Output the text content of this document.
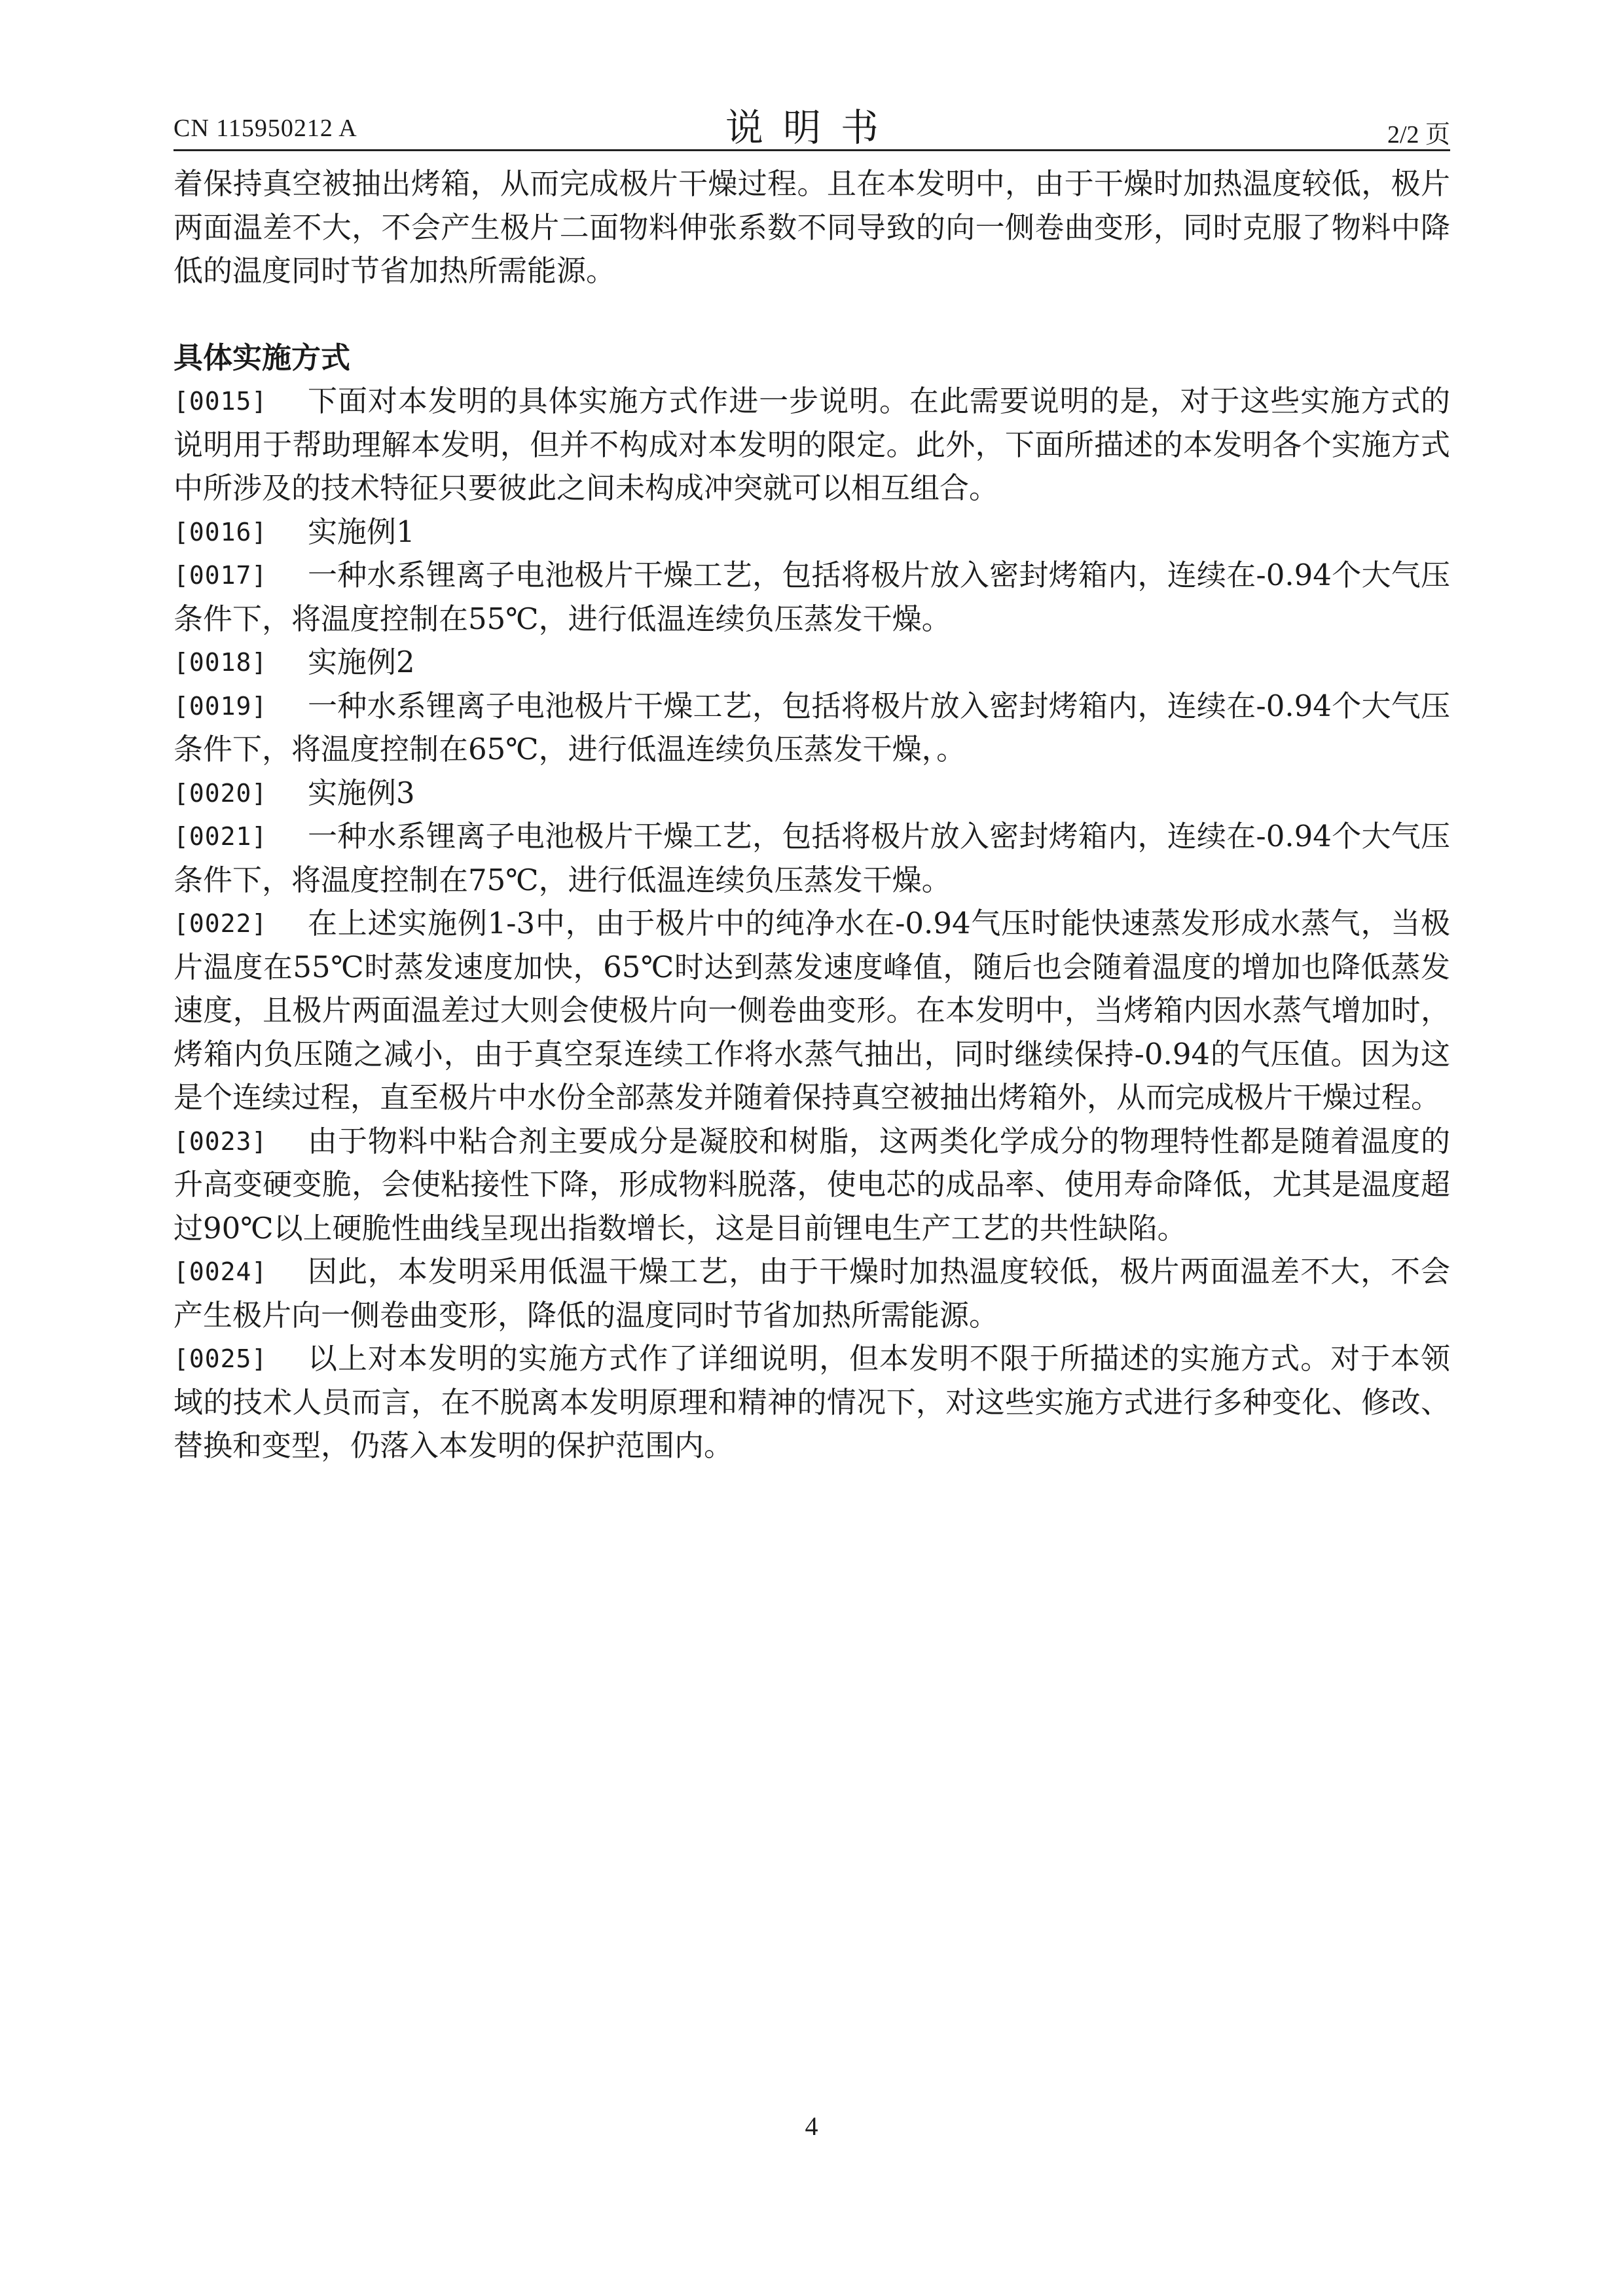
CN 115950212 A	说明书	2/2 页

着保持真空被抽出烤箱，从而完成极片干燥过程。且在本发明中，由于干燥时加热温度较低，极片两面温差不大，不会产生极片二面物料伸张系数不同导致的向一侧卷曲变形，同时克服了物料中降低的温度同时节省加热所需能源。

具体实施方式
[0015]	下面对本发明的具体实施方式作进一步说明。在此需要说明的是，对于这些实施方式的说明用于帮助理解本发明，但并不构成对本发明的限定。此外，下面所描述的本发明各个实施方式中所涉及的技术特征只要彼此之间未构成冲突就可以相互组合。

[0016]	实施例1

[0017]	一种水系锂离子电池极片干燥工艺，包括将极片放入密封烤箱内，连续在-0.94个大气压条件下，将温度控制在55℃，进行低温连续负压蒸发干燥。

[0018]	实施例2

[0019]	一种水系锂离子电池极片干燥工艺，包括将极片放入密封烤箱内，连续在-0.94个大气压条件下，将温度控制在65℃，进行低温连续负压蒸发干燥，。

[0020]	实施例3

[0021]	一种水系锂离子电池极片干燥工艺，包括将极片放入密封烤箱内，连续在-0.94个大气压条件下，将温度控制在75℃，进行低温连续负压蒸发干燥。

[0022]	在上述实施例1-3中，由于极片中的纯净水在-0.94气压时能快速蒸发形成水蒸气，当极片温度在55℃时蒸发速度加快，65℃时达到蒸发速度峰值，随后也会随着温度的增加也降低蒸发速度，且极片两面温差过大则会使极片向一侧卷曲变形。在本发明中，当烤箱内因水蒸气增加时，烤箱内负压随之减小，由于真空泵连续工作将水蒸气抽出，同时继续保持-0.94的气压值。因为这是个连续过程，直至极片中水份全部蒸发并随着保持真空被抽出烤箱外，从而完成极片干燥过程。

[0023]	由于物料中粘合剂主要成分是凝胶和树脂，这两类化学成分的物理特性都是随着温度的升高变硬变脆，会使粘接性下降，形成物料脱落，使电芯的成品率、使用寿命降低，尤其是温度超过90℃以上硬脆性曲线呈现出指数增长，这是目前锂电生产工艺的共性缺陷。

[0024]	因此，本发明采用低温干燥工艺，由于干燥时加热温度较低，极片两面温差不大，不会产生极片向一侧卷曲变形，降低的温度同时节省加热所需能源。

[0025]	以上对本发明的实施方式作了详细说明，但本发明不限于所描述的实施方式。对于本领域的技术人员而言，在不脱离本发明原理和精神的情况下，对这些实施方式进行多种变化、修改、替换和变型，仍落入本发明的保护范围内。

4
